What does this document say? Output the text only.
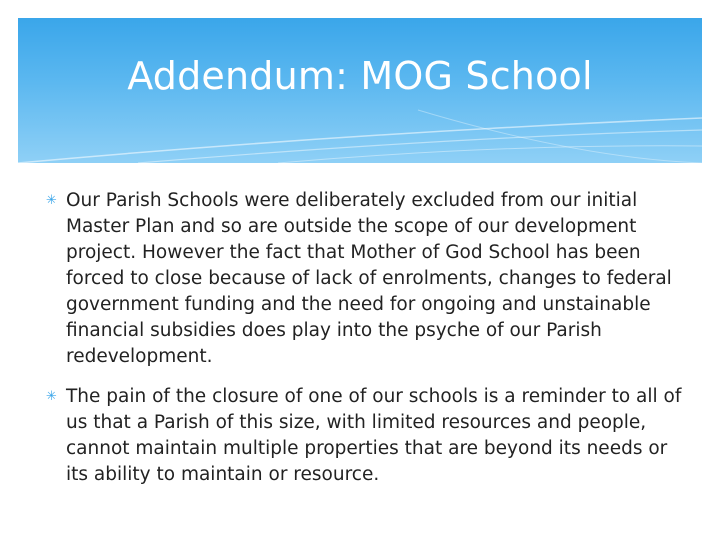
Addendum: MOG School
✳ Our Parish Schools were deliberately excluded from our initial Master Plan and so are outside the scope of our development project. However the fact that Mother of God School has been forced to close because of lack of enrolments, changes to federal government funding and the need for ongoing and unstainable financial subsidies does play into the psyche of our Parish redevelopment.
✳ The pain of the closure of one of our schools is a reminder to all of us that a Parish of this size, with limited resources and people, cannot maintain multiple properties that are beyond its needs or its ability to maintain or resource.
